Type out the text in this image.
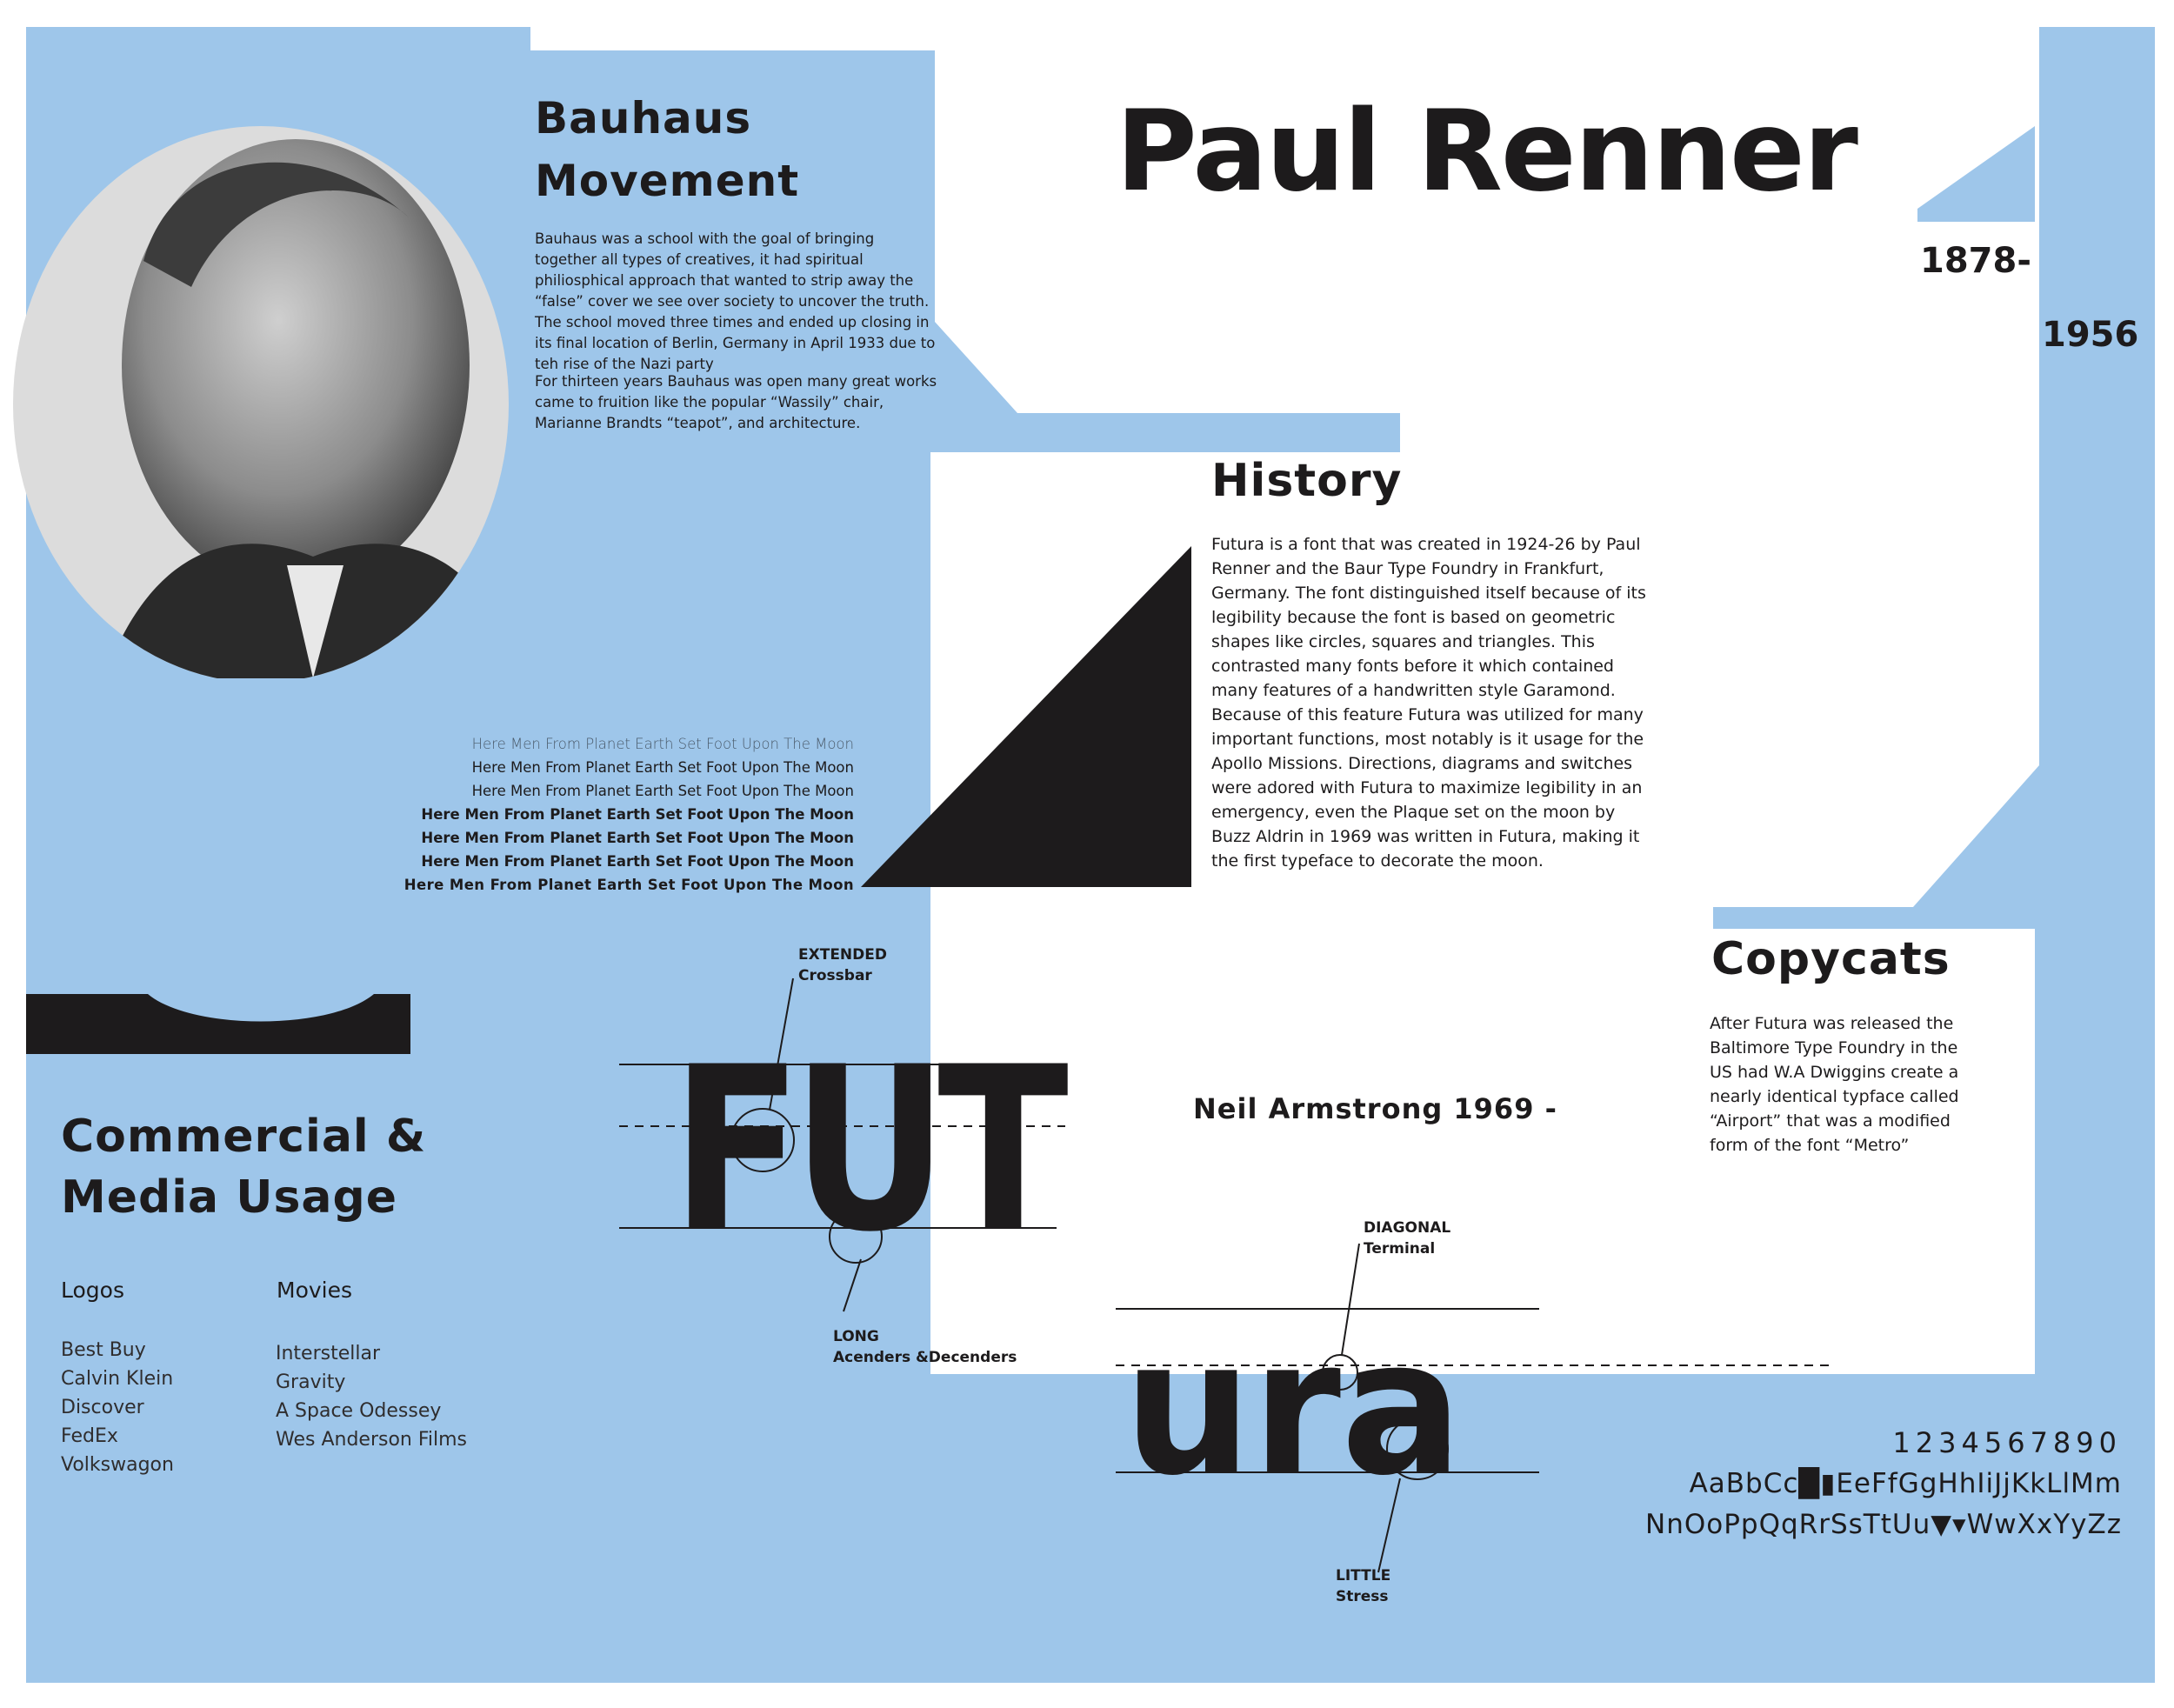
FUT
ura
Bauhaus
Movement

Bauhaus was a school with the goal of bringing together all types of creatives, it had spiritual philiosphical approach that wanted to strip away the “false” cover we see over society to uncover the truth. The school moved three times and ended up closing in its final location of Berlin, Germany in April 1933 due to teh rise of the Nazi party

For thirteen years Bauhaus was open many great works came to fruition like the popular “Wassily” chair, Marianne Brandts “teapot”, and architecture.

Paul Renner
1878-
1956
Here Men From Planet Earth Set Foot Upon The Moon
Here Men From Planet Earth Set Foot Upon The Moon
Here Men From Planet Earth Set Foot Upon The Moon
Here Men From Planet Earth Set Foot Upon The Moon
Here Men From Planet Earth Set Foot Upon The Moon
Here Men From Planet Earth Set Foot Upon The Moon
Here Men From Planet Earth Set Foot Upon The Moon
History

Futura is a font that was created in 1924-26 by Paul Renner and the Baur Type Foundry in Frankfurt, Germany. The font distinguished itself because of its legibility because the font is based on geometric shapes like circles, squares and triangles. This contrasted many fonts before it which contained many features of a handwritten style Garamond. Because of this feature Futura was utilized for many important functions, most notably is it usage for the Apollo Missions. Directions, diagrams and switches were adored with Futura to maximize legibility in an emergency, even the Plaque set on the moon by Buzz Aldrin in 1969 was written in Futura, making it the first typeface to decorate the moon.

Commercial &
Media Usage
Logos	Movies
Best Buy
Calvin Klein
Discover
FedEx
Volkswagon
Interstellar
Gravity
A Space Odessey
Wes Anderson Films
Copycats

After Futura was released the Baltimore Type Foundry in the US had W.A Dwiggins create a nearly identical typface called “Airport” that was a modified form of the font “Metro”

Neil Armstrong 1969 -
EXTENDED
Crossbar
LONG
Acenders &Decenders
DIAGONAL
Terminal
LITTLE
Stress
1234567890
AaBbCc█▮EeFfGgHhIiJjKkLlMm
NnOoPpQqRrSsTtUu▼▾WwXxYyZz
